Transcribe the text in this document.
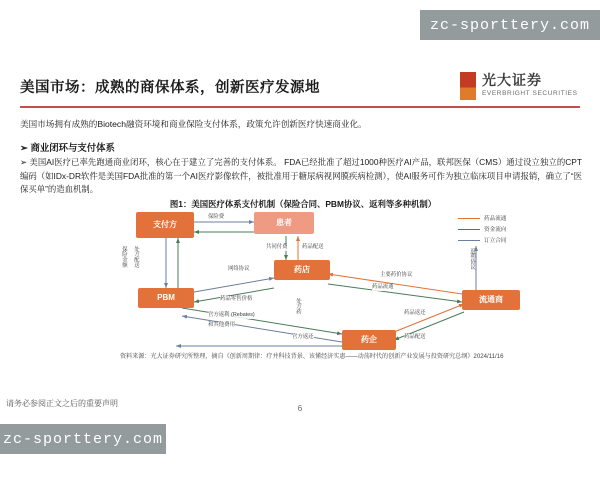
zc-sporttery.com
zc-sporttery.com
美国市场：成熟的商保体系，创新医疗发源地	光大证券
EVERBRIGHT SECURITIES
美国市场拥有成熟的Biotech融资环境和商业保险支付体系，政策允许创新医疗快速商业化。
➢ 商业闭环与支付体系
➢ 美国AI医疗已率先跑通商业闭环，核心在于建立了完善的支付体系。 FDA已经批准了超过1000种医疗AI产品，联邦医保（CMS）通过设立独立的CPT编码（如IDx-DR软件是美国FDA批准的第一个AI医疗影像软件，被批准用于糖尿病视网膜疾病检测），使AI服务可作为独立临床项目申请报销，确立了“医保买单”的造血机制。
图1：美国医疗体系支付机制（保险合同、PBM协议、返利等多种机制）
支付方	患者
药店
PBM	流通商
药企
保险费
共同付费	药品配送
网络协议
药品零售价格
官方返利 (Rebates)
和其他费用
官方返还
药品返还
药品配送
主要药价协议
药品流通
保险金额 处方配送
处方药
返利协议
药品流通
资金流向
订立合同
资料来源：光大证券研究所整理，摘自《创新周期律：疗并科技背景、该懂经济实惠——动荡时代的创新产业发展与投资研究总纲》2024/11/16
请务必参阅正文之后的重要声明
6
